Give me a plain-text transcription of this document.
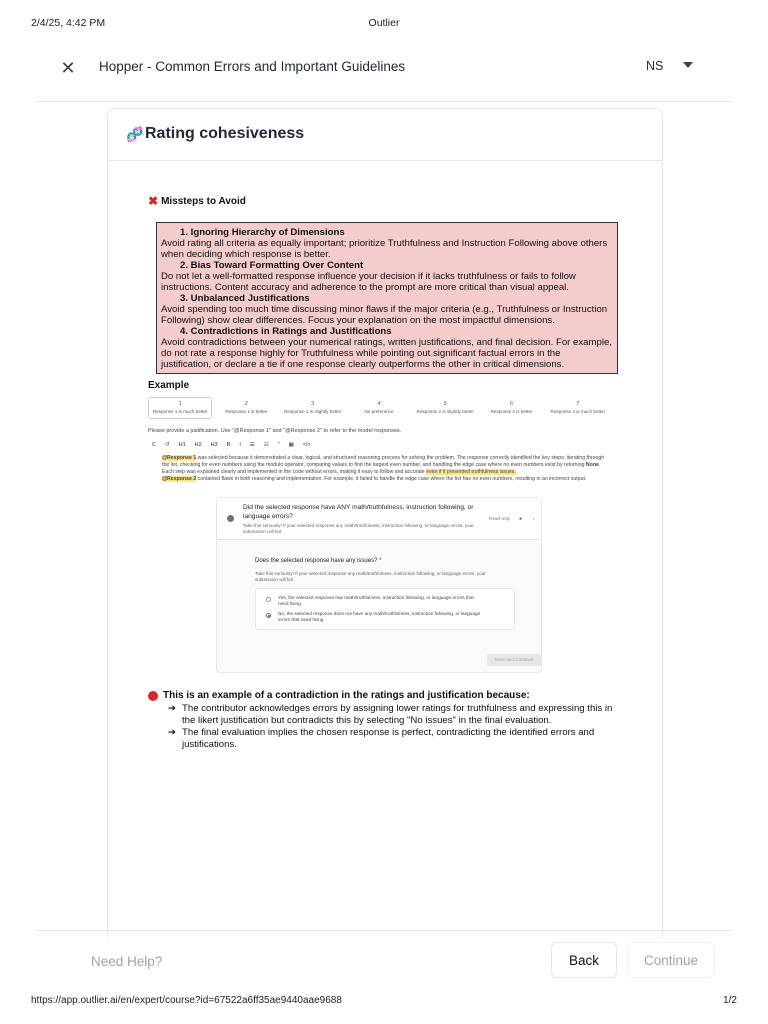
2/4/25, 4:42 PM	Outlier
✕ Hopper - Common Errors and Important Guidelines	NS
🧬 Rating cohesiveness
✖ Missteps to Avoid
1. Ignoring Hierarchy of Dimensions
Avoid rating all criteria as equally important; prioritize Truthfulness and Instruction Following above others when deciding which response is better.
2. Bias Toward Formatting Over Content
Do not let a well-formatted response influence your decision if it lacks truthfulness or fails to follow instructions. Content accuracy and adherence to the prompt are more critical than visual appeal.
3. Unbalanced Justifications
Avoid spending too much time discussing minor flaws if the major criteria (e.g., Truthfulness or Instruction Following) show clear differences. Focus your explanation on the most impactful dimensions.
4. Contradictions in Ratings and Justifications
Avoid contradictions between your numerical ratings, written justifications, and final decision. For example, do not rate a response highly for Truthfulness while pointing out significant factual errors in the justification, or declare a tie if one response clearly outperforms the other in critical dimensions.
Example
1
Response 1 is much better
2
Response 1 is better
3
Response 1 is slightly better
4
No preference
5
Response 2 is slightly better
6
Response 2 is better
7
Response 2 is much better
Please provide a justification. Use "@Response 1" and "@Response 2" to refer to the model responses.
C ↺ H1 H2 H3 B I ☰ ☷ ” ▦ </>
@Response 1 was selected because it demonstrated a clear, logical, and structured reasoning process for solving the problem. The response correctly identified the key steps: iterating through the list, checking for even numbers using the modulo operator, comparing values to find the largest even number, and handling the edge case where no even numbers exist by returning None. Each step was explained clearly and implemented in the code without errors, making it easy to follow and accurate even if it presented truthfulness issues.
@Response 2 contained flaws in both reasoning and implementation. For example, it failed to handle the edge case where the list has no even numbers, resulting in an incorrect output.
Did the selected response have ANY math/truthfulness, instruction following, or language errors?
Take this seriously! If your selected response any math/truthfulness, instruction following, or language errors, your submission will fail.
Read-only ● ↓
Does the selected response have any issues? *
Take this seriously! If your selected response any math/truthfulness, instruction following, or language errors, your submission will fail.
Yes, the selected response has math/truthfulness, instruction following, or language errors that need fixing.
No, the selected response does not have any math/truthfulness, instruction following, or language errors that need fixing
Save and Continue
This is an example of a contradiction in the ratings and justification because:
➔ The contributor acknowledges errors by assigning lower ratings for truthfulness and expressing this in the likert justification but contradicts this by selecting "No issues" in the final evaluation.
➔ The final evaluation implies the chosen response is perfect, contradicting the identified errors and justifications.
Need Help?	Back	Continue
https://app.outlier.ai/en/expert/course?id=67522a6ff35ae9440aae9688	1/2
